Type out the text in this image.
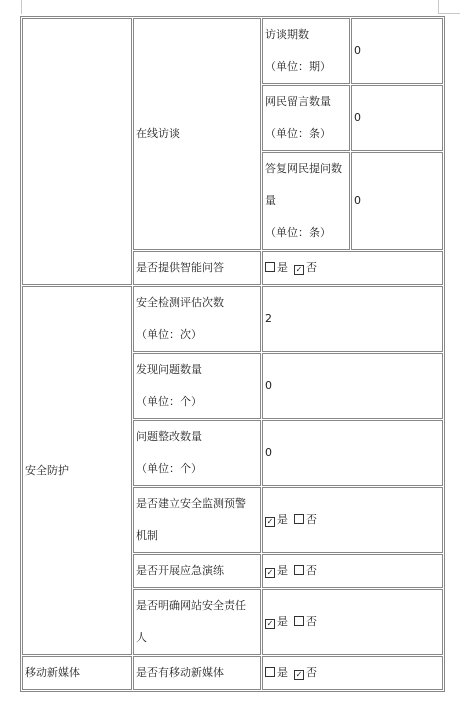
	在线访谈	访谈期数
（单位：期）	0

		网民留言数量
（单位：条）	0

		答复网民提问数
量
（单位：条）	0
	是否提供智能问答	是 ✓ 否	
安全防护	安全检测评估次数
（单位：次）	2	

	发现问题数量
（单位：个）	0	

	问题整改数量
（单位：个）	0	

	是否建立安全监测预警
机制	✓ 是 否	

	是否开展应急演练	✓ 是 否	

	是否明确网站安全责任
人	✓ 是 否	
移动新媒体	是否有移动新媒体	是 ✓ 否	
